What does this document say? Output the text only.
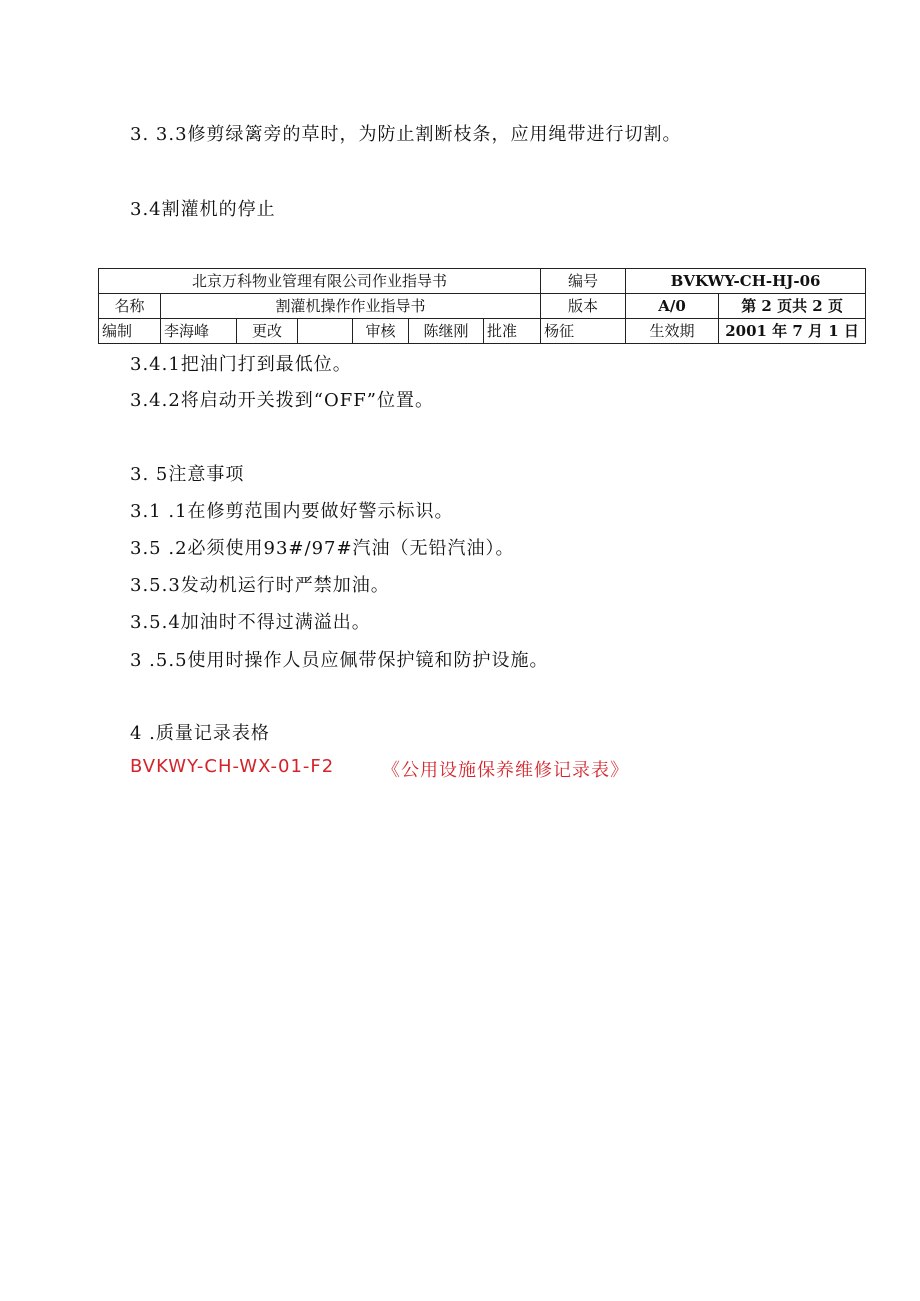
3. 3.3修剪绿篱旁的草时，为防止割断枝条，应用绳带进行切割。

3.4割灌机的停止

北京万科物业管理有限公司作业指导书							编号	BVKWY-CH-HJ-06	
名称	割灌机操作作业指导书						版本	A/0	第 2 页共 2 页
编制	李海峰	更改		审核	陈继刚	批准	杨征	生效期	2001 年 7 月 1 日

3.4.1把油门打到最低位。

3.4.2将启动开关拨到“OFF”位置。

3. 5注意事项

3.1 .1在修剪范围内要做好警示标识。

3.5 .2必须使用93#/97#汽油（无铅汽油）。

3.5.3发动机运行时严禁加油。

3.5.4加油时不得过满溢出。

3 .5.5使用时操作人员应佩带保护镜和防护设施。

4 .质量记录表格

BVKWY-CH-WX-01-F2	《公用设施保养维修记录表》
